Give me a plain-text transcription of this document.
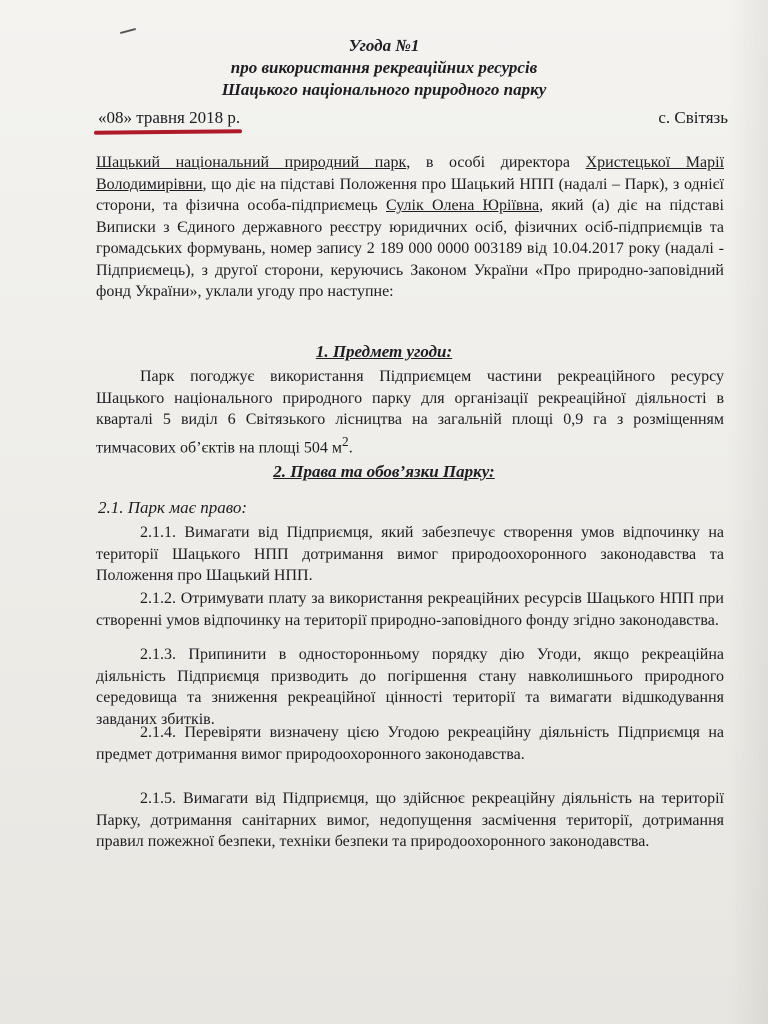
Угода №1
про використання рекреаційних ресурсів
Шацького національного природного парку
«08» травня 2018 р.	с. Світязь
Шацький національний природний парк, в особі директора Христецької Марії Володимирівни, що діє на підставі Положення про Шацький НПП (надалі – Парк), з однієї сторони, та фізична особа-підприємець Сулік Олена Юріївна, який (а) діє на підставі Виписки з Єдиного державного реєстру юридичних осіб, фізичних осіб-підприємців та громадських формувань, номер запису 2 189 000 0000 003189 від 10.04.2017 року (надалі - Підприємець), з другої сторони, керуючись Законом України «Про природно-заповідний фонд України», уклали угоду про наступне:
1. Предмет угоди:
Парк погоджує використання Підприємцем частини рекреаційного ресурсу Шацького національного природного парку для організації рекреаційної діяльності в кварталі 5 виділ 6 Світязького лісництва на загальній площі 0,9 га з розміщенням тимчасових об’єктів на площі 504 $м^2$.
2. Права та обов’язки Парку:
2.1. Парк має право:
2.1.1. Вимагати від Підприємця, який забезпечує створення умов відпочинку на території Шацького НПП дотримання вимог природоохоронного законодавства та Положення про Шацький НПП.
2.1.2. Отримувати плату за використання рекреаційних ресурсів Шацького НПП при створенні умов відпочинку на території природно-заповідного фонду згідно законодавства.
2.1.3. Припинити в односторонньому порядку дію Угоди, якщо рекреаційна діяльність Підприємця призводить до погіршення стану навколишнього природного середовища та зниження рекреаційної цінності території та вимагати відшкодування завданих збитків.
2.1.4. Перевіряти визначену цією Угодою рекреаційну діяльність Підприємця на предмет дотримання вимог природоохоронного законодавства.
2.1.5. Вимагати від Підприємця, що здійснює рекреаційну діяльність на території Парку, дотримання санітарних вимог, недопущення засмічення території, дотримання правил пожежної безпеки, техніки безпеки та природоохоронного законодавства.
